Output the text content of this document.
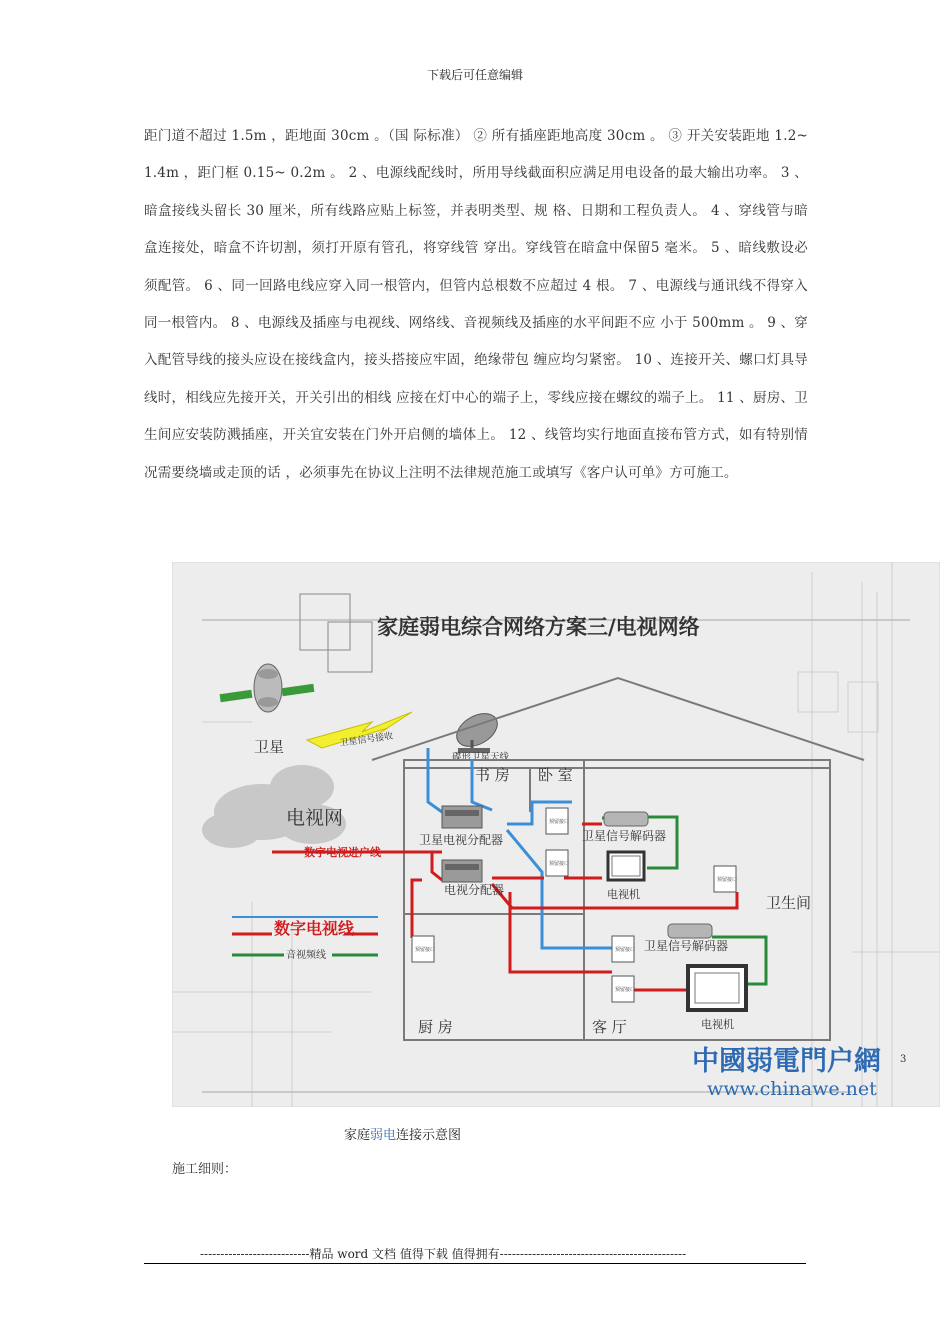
下载后可任意编辑

距门道不超过 1.5m ，距地面 30cm 。（国 际标准） ② 所有插座距地高度 30cm 。 ③ 开关安装距地 1.2~ 1.4m ，距门框 0.15~ 0.2m 。 2 、电源线配线时，所用导线截面积应满足用电设备的最大输出功率。 3 、暗盒接线头留长 30 厘米，所有线路应贴上标签，并表明类型、规 格、日期和工程负责人。 4 、穿线管与暗盒连接处，暗盒不许切割，须打开原有管孔，将穿线管 穿出。穿线管在暗盒中保留5 毫米。 5 、暗线敷设必须配管。 6 、同一回路电线应穿入同一根管内，但管内总根数不应超过 4 根。 7 、电源线与通讯线不得穿入同一根管内。 8 、电源线及插座与电视线、网络线、音视频线及插座的水平间距不应 小于 500mm 。 9 、穿入配管导线的接头应设在接线盒内，接头搭接应牢固，绝缘带包 缠应均匀紧密。 10 、连接开关、螺口灯具导线时，相线应先接开关，开关引出的相线 应接在灯中心的端子上，零线应接在螺纹的端子上。 11 、厨房、卫生间应安装防溅插座，开关宜安装在门外开启侧的墙体上。 12 、线管均实行地面直接布管方式，如有特别情况需要绕墙或走顶的话 ，必须事先在协议上注明不法律规范施工或填写《客户认可单》方可施工。

家庭弱电综合网络方案三/电视网络
卫星	卫星信号接收
碟形卫星天线
电视网
书 房 卧 室
卫生间
厨 房	客 厅
卫星电视分配器
电视分配器
卫星信号解码器
电视机
卫星信号解码器
电视机
预留接口
预留接口
预留接口
预留接口	预留接口
预留接口
数字电视进户线
数字电视线
音视频线
中國弱電門户網 3
www.chinawe.net
家庭弱电连接示意图
施工细则：
---------------------------精品 word 文档 值得下载 值得拥有----------------------------------------------
